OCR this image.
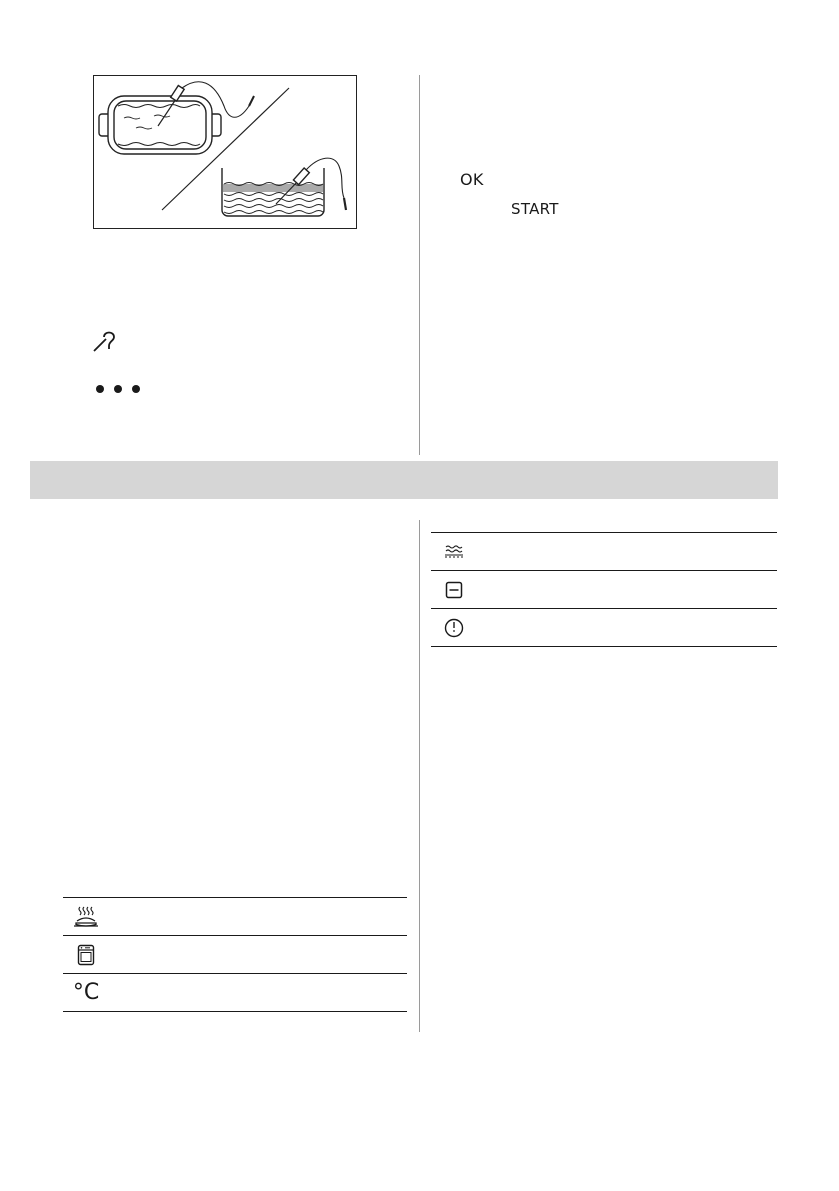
OK
START

°C	
